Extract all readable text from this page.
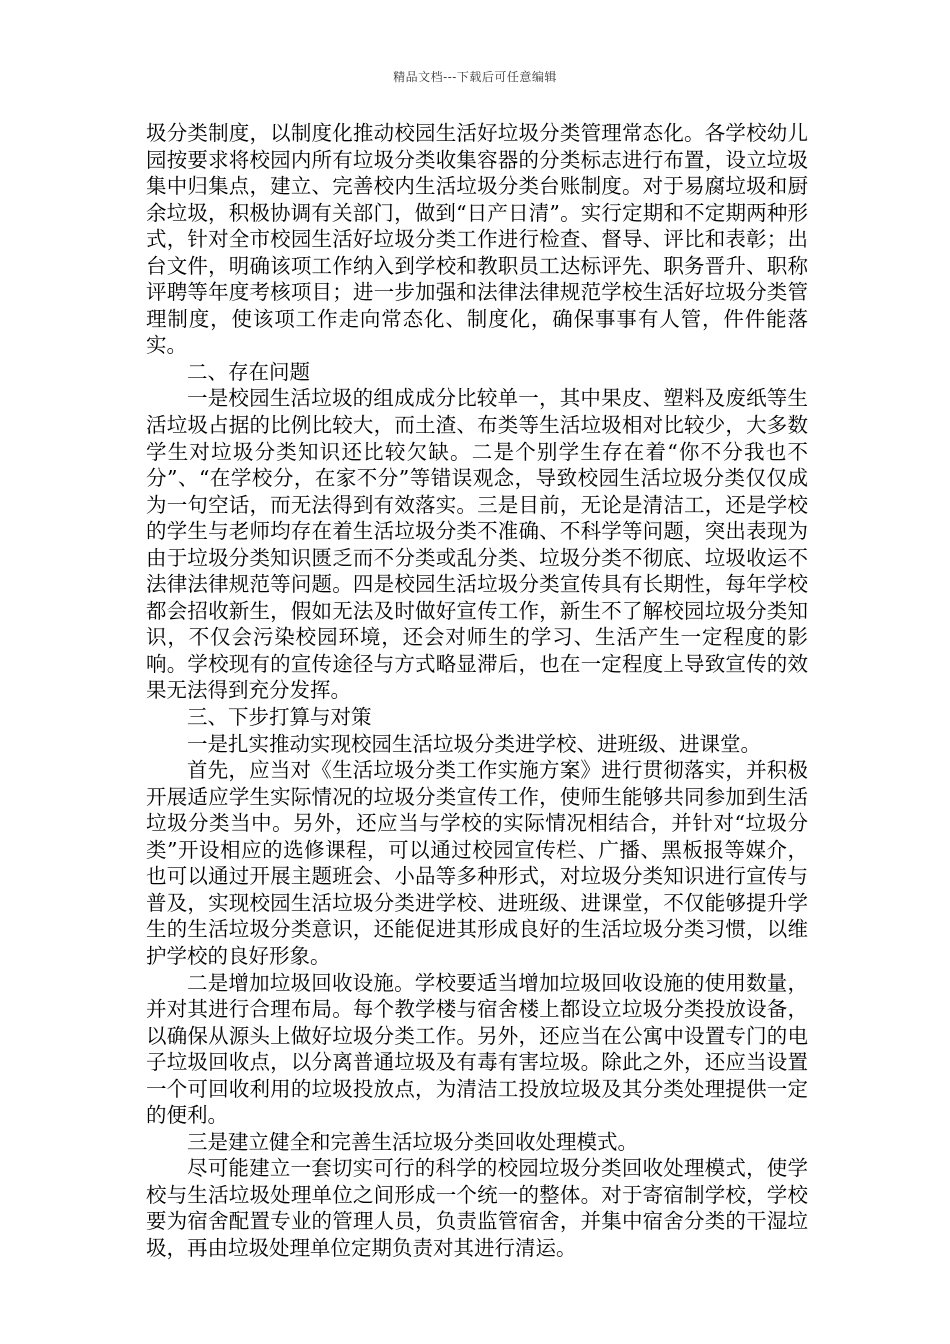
精品文档---下载后可任意编辑

圾分类制度，以制度化推动校园生活好垃圾分类管理常态化。各学校幼儿园按要求将校园内所有垃圾分类收集容器的分类标志进行布置，设立垃圾集中归集点，建立、完善校内生活垃圾分类台账制度。对于易腐垃圾和厨余垃圾，积极协调有关部门，做到“日产日清”。实行定期和不定期两种形式，针对全市校园生活好垃圾分类工作进行检查、督导、评比和表彰；出台文件，明确该项工作纳入到学校和教职员工达标评先、职务晋升、职称评聘等年度考核项目；进一步加强和法律法律规范学校生活好垃圾分类管理制度，使该项工作走向常态化、制度化，确保事事有人管，件件能落实。

二、存在问题

一是校园生活垃圾的组成成分比较单一，其中果皮、塑料及废纸等生活垃圾占据的比例比较大，而土渣、布类等生活垃圾相对比较少，大多数学生对垃圾分类知识还比较欠缺。二是个别学生存在着“你不分我也不分”、“在学校分，在家不分”等错误观念，导致校园生活垃圾分类仅仅成为一句空话，而无法得到有效落实。三是目前，无论是清洁工，还是学校的学生与老师均存在着生活垃圾分类不准确、不科学等问题，突出表现为由于垃圾分类知识匮乏而不分类或乱分类、垃圾分类不彻底、垃圾收运不法律法律规范等问题。四是校园生活垃圾分类宣传具有长期性，每年学校都会招收新生，假如无法及时做好宣传工作，新生不了解校园垃圾分类知识，不仅会污染校园环境，还会对师生的学习、生活产生一定程度的影响。学校现有的宣传途径与方式略显滞后，也在一定程度上导致宣传的效果无法得到充分发挥。

三、下步打算与对策

一是扎实推动实现校园生活垃圾分类进学校、进班级、进课堂。

首先，应当对《生活垃圾分类工作实施方案》进行贯彻落实，并积极开展适应学生实际情况的垃圾分类宣传工作，使师生能够共同参加到生活垃圾分类当中。另外，还应当与学校的实际情况相结合，并针对“垃圾分类”开设相应的选修课程，可以通过校园宣传栏、广播、黑板报等媒介，也可以通过开展主题班会、小品等多种形式，对垃圾分类知识进行宣传与普及，实现校园生活垃圾分类进学校、进班级、进课堂，不仅能够提升学生的生活垃圾分类意识，还能促进其形成良好的生活垃圾分类习惯，以维护学校的良好形象。

二是增加垃圾回收设施。学校要适当增加垃圾回收设施的使用数量，并对其进行合理布局。每个教学楼与宿舍楼上都设立垃圾分类投放设备，以确保从源头上做好垃圾分类工作。另外，还应当在公寓中设置专门的电子垃圾回收点，以分离普通垃圾及有毒有害垃圾。除此之外，还应当设置一个可回收利用的垃圾投放点，为清洁工投放垃圾及其分类处理提供一定的便利。

三是建立健全和完善生活垃圾分类回收处理模式。

尽可能建立一套切实可行的科学的校园垃圾分类回收处理模式，使学校与生活垃圾处理单位之间形成一个统一的整体。对于寄宿制学校，学校要为宿舍配置专业的管理人员，负责监管宿舍，并集中宿舍分类的干湿垃圾，再由垃圾处理单位定期负责对其进行清运。
